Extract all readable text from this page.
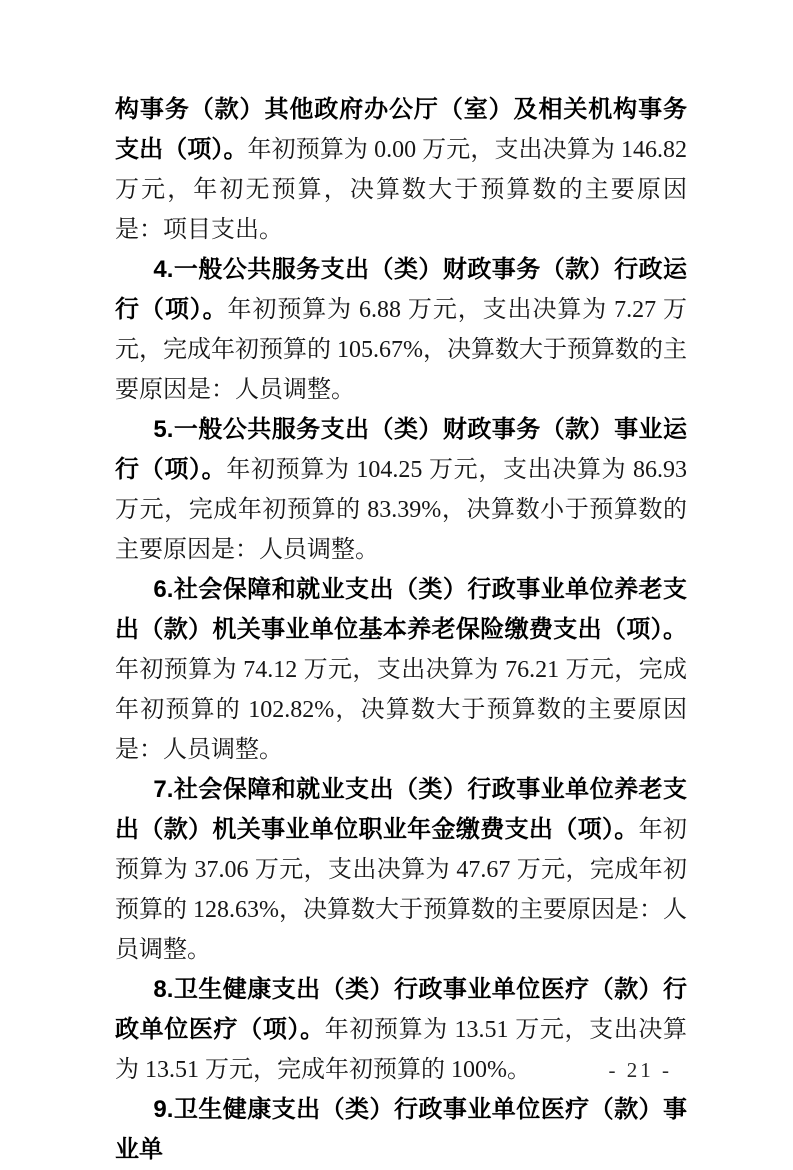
构事务（款）其他政府办公厅（室）及相关机构事务支出（项）。年初预算为 0.00 万元，支出决算为 146.82 万元，年初无预算，决算数大于预算数的主要原因是：项目支出。

4.一般公共服务支出（类）财政事务（款）行政运行（项）。年初预算为 6.88 万元，支出决算为 7.27 万元，完成年初预算的 105.67%，决算数大于预算数的主要原因是：人员调整。

5.一般公共服务支出（类）财政事务（款）事业运行（项）。年初预算为 104.25 万元，支出决算为 86.93 万元，完成年初预算的 83.39%，决算数小于预算数的主要原因是：人员调整。

6.社会保障和就业支出（类）行政事业单位养老支出（款）机关事业单位基本养老保险缴费支出（项）。年初预算为 74.12 万元，支出决算为 76.21 万元，完成年初预算的 102.82%，决算数大于预算数的主要原因是：人员调整。

7.社会保障和就业支出（类）行政事业单位养老支出（款）机关事业单位职业年金缴费支出（项）。年初预算为 37.06 万元，支出决算为 47.67 万元，完成年初预算的 128.63%，决算数大于预算数的主要原因是：人员调整。

8.卫生健康支出（类）行政事业单位医疗（款）行政单位医疗（项）。年初预算为 13.51 万元，支出决算为 13.51 万元，完成年初预算的 100%。

9.卫生健康支出（类）行政事业单位医疗（款）事业单

- 21 -
